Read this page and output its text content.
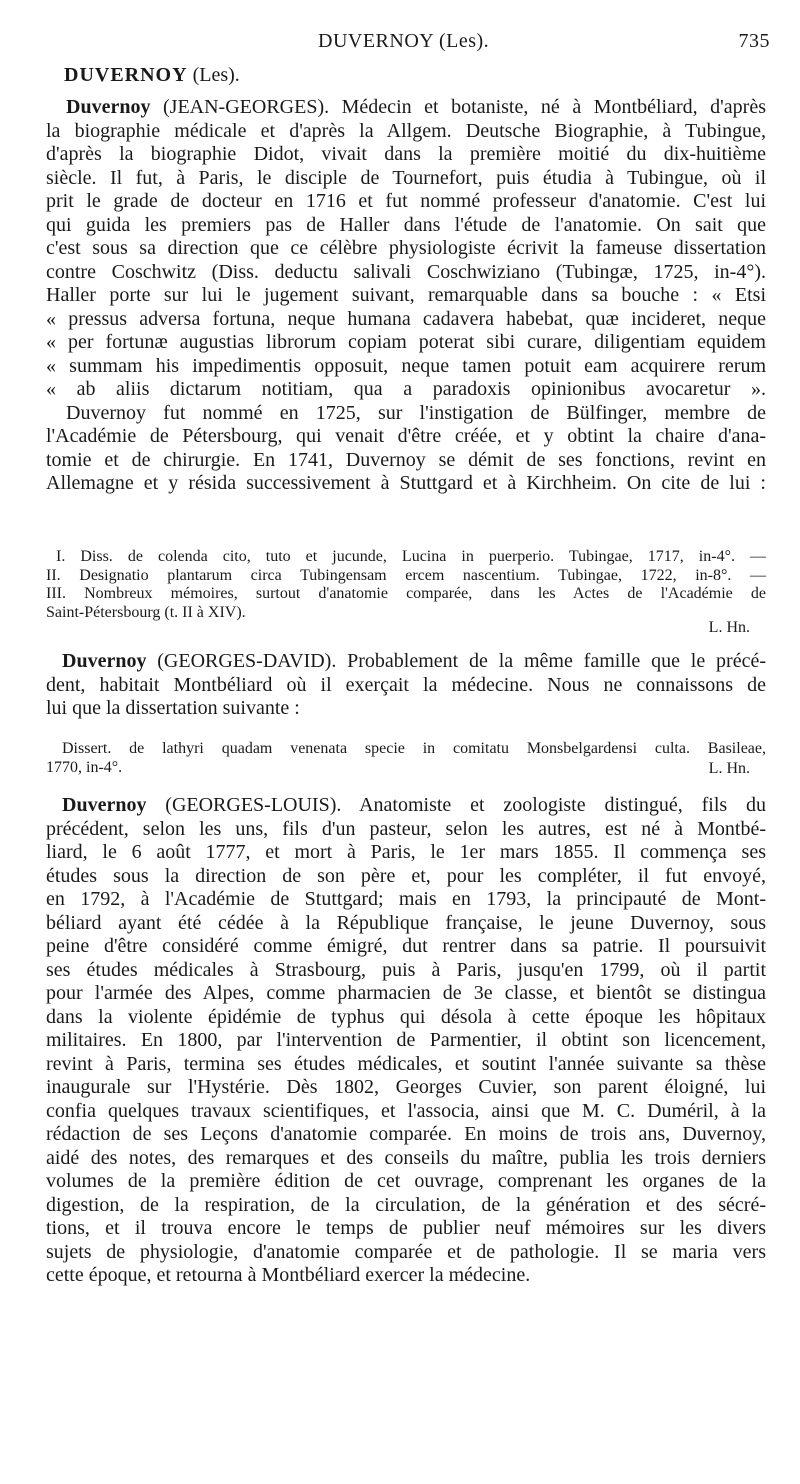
DUVERNOY (Les).	735
DUVERNOY (Les).
Duvernoy (JEAN-GEORGES). Médecin et botaniste, né à Montbéliard, d'après
la biographie médicale et d'après la Allgem. Deutsche Biographie, à Tubingue,
d'après la biographie Didot, vivait dans la première moitié du dix-huitième
siècle. Il fut, à Paris, le disciple de Tournefort, puis étudia à Tubingue, où il
prit le grade de docteur en 1716 et fut nommé professeur d'anatomie. C'est lui
qui guida les premiers pas de Haller dans l'étude de l'anatomie. On sait que
c'est sous sa direction que ce célèbre physiologiste écrivit la fameuse dissertation
contre Coschwitz (Diss. deductu salivali Coschwiziano (Tubingæ, 1725, in-4°).
Haller porte sur lui le jugement suivant, remarquable dans sa bouche : « Etsi
« pressus adversa fortuna, neque humana cadavera habebat, quæ incideret, neque
« per fortunæ augustias librorum copiam poterat sibi curare, diligentiam equidem
« summam his impedimentis opposuit, neque tamen potuit eam acquirere rerum
« ab aliis dictarum notitiam, qua a paradoxis opinionibus avocaretur ».
Duvernoy fut nommé en 1725, sur l'instigation de Bülfinger, membre de
l'Académie de Pétersbourg, qui venait d'être créée, et y obtint la chaire d'ana-
tomie et de chirurgie. En 1741, Duvernoy se démit de ses fonctions, revint en
Allemagne et y résida successivement à Stuttgard et à Kirchheim. On cite de lui :
I. Diss. de colenda cito, tuto et jucunde, Lucina in puerperio. Tubingae, 1717, in-4°. —
II. Designatio plantarum circa Tubingensam ercem nascentium. Tubingae, 1722, in-8°. —
III. Nombreux mémoires, surtout d'anatomie comparée, dans les Actes de l'Académie de
Saint-Pétersbourg (t. II à XIV).
L. Hn.
Duvernoy (GEORGES-DAVID). Probablement de la même famille que le précé-
dent, habitait Montbéliard où il exerçait la médecine. Nous ne connaissons de
lui que la dissertation suivante :
Dissert. de lathyri quadam venenata specie in comitatu Monsbelgardensi culta. Basileae,
1770, in-4°.	L. Hn.
Duvernoy (GEORGES-LOUIS). Anatomiste et zoologiste distingué, fils du
précédent, selon les uns, fils d'un pasteur, selon les autres, est né à Montbé-
liard, le 6 août 1777, et mort à Paris, le 1er mars 1855. Il commença ses
études sous la direction de son père et, pour les compléter, il fut envoyé,
en 1792, à l'Académie de Stuttgard; mais en 1793, la principauté de Mont-
béliard ayant été cédée à la République française, le jeune Duvernoy, sous
peine d'être considéré comme émigré, dut rentrer dans sa patrie. Il poursuivit
ses études médicales à Strasbourg, puis à Paris, jusqu'en 1799, où il partit
pour l'armée des Alpes, comme pharmacien de 3e classe, et bientôt se distingua
dans la violente épidémie de typhus qui désola à cette époque les hôpitaux
militaires. En 1800, par l'intervention de Parmentier, il obtint son licencement,
revint à Paris, termina ses études médicales, et soutint l'année suivante sa thèse
inaugurale sur l'Hystérie. Dès 1802, Georges Cuvier, son parent éloigné, lui
confia quelques travaux scientifiques, et l'associa, ainsi que M. C. Duméril, à la
rédaction de ses Leçons d'anatomie comparée. En moins de trois ans, Duvernoy,
aidé des notes, des remarques et des conseils du maître, publia les trois derniers
volumes de la première édition de cet ouvrage, comprenant les organes de la
digestion, de la respiration, de la circulation, de la génération et des sécré-
tions, et il trouva encore le temps de publier neuf mémoires sur les divers
sujets de physiologie, d'anatomie comparée et de pathologie. Il se maria vers
cette époque, et retourna à Montbéliard exercer la médecine.
